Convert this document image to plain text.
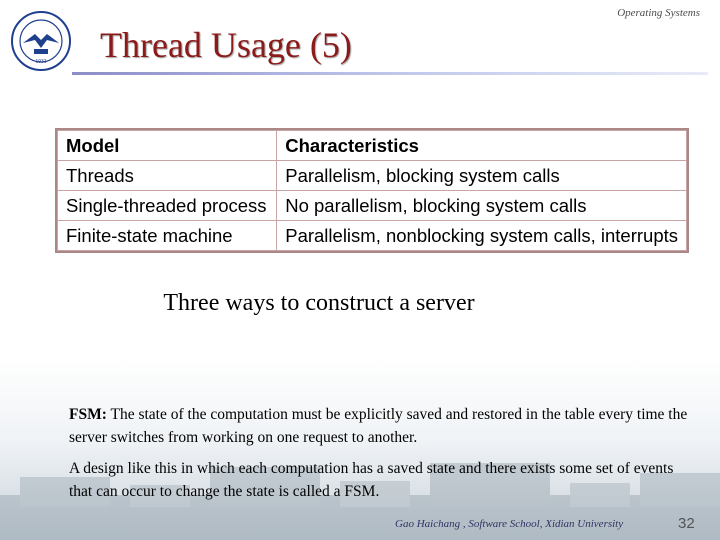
1931
Operating Systems
Thread Usage (5)
Model	Characteristics
Threads	Parallelism, blocking system calls
Single-threaded process	No parallelism, blocking system calls
Finite-state machine	Parallelism, nonblocking system calls, interrupts

Three ways to construct a server

FSM: The state of the computation must be explicitly saved and restored in the table every time the server switches from working on one request to another.

A design like this in which each computation has a saved state and there exists some set of events that can occur to change the state is called a FSM.

Gao Haichang , Software School, Xidian University	32
